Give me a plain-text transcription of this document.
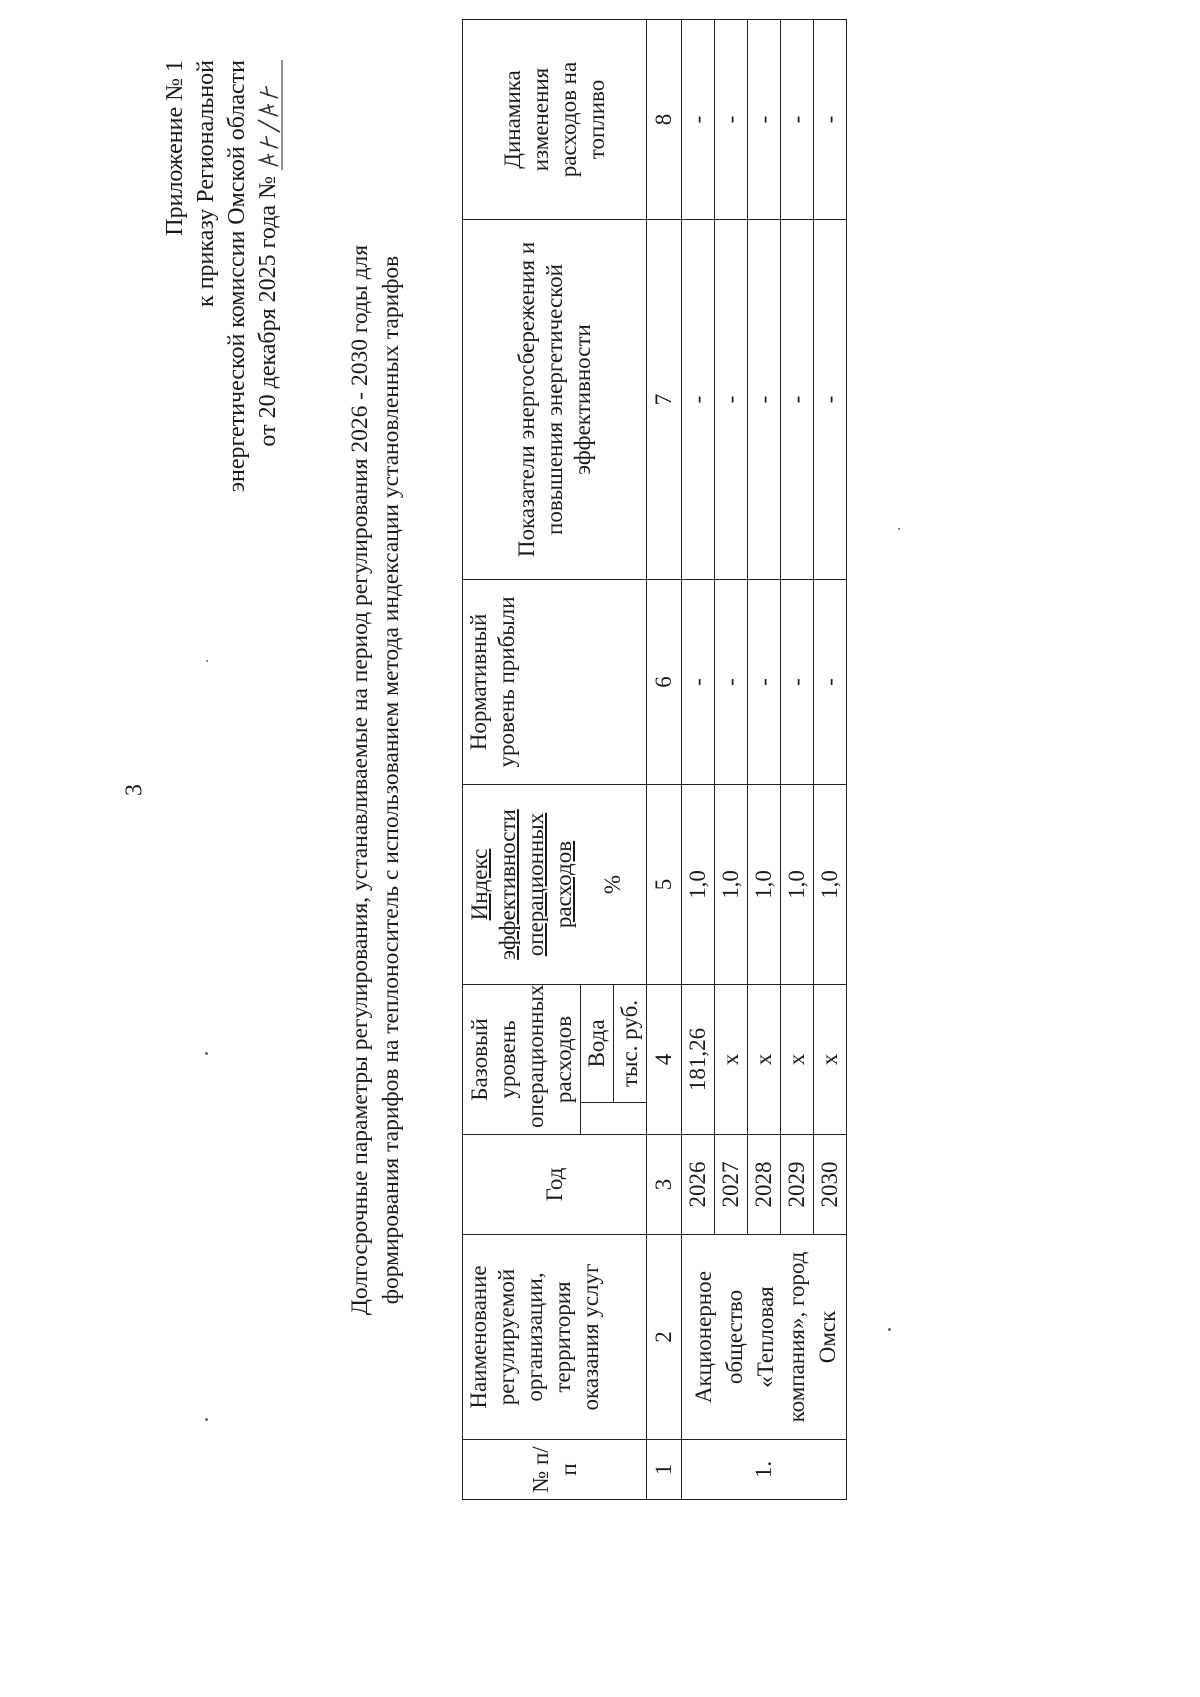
3
Приложение № 1 к приказу Региональной энергетической комиссии Омской области от 20 декабря 2025 года №	Долгосрочные параметры регулирования, устанавливаемые на период регулирования 2026 - 2030 годы для формирования тарифов на теплоноситель с использованием метода индексации установленных тарифов
№ п/п	Наименование регулируемой организации, территория оказания услуг	Год	Базовый уровень операционных расходов		Индекс эффективности операционных расходов	Нормативный уровень прибыли	Показатели энергосбережения и повышения энергетической эффективности	Динамика изменения расходов на топливо
				Вода	%			
				тыс. руб.				
1	2	3	4		5	6	7	8
1.	Акционерное общество «Тепловая компания», город Омск	2026	181,26		1,0	-	-	-
		2027	x		1,0	-	-	-
		2028	x		1,0	-	-	-
		2029	x		1,0	-	-	-
		2030	x		1,0	-	-	-
